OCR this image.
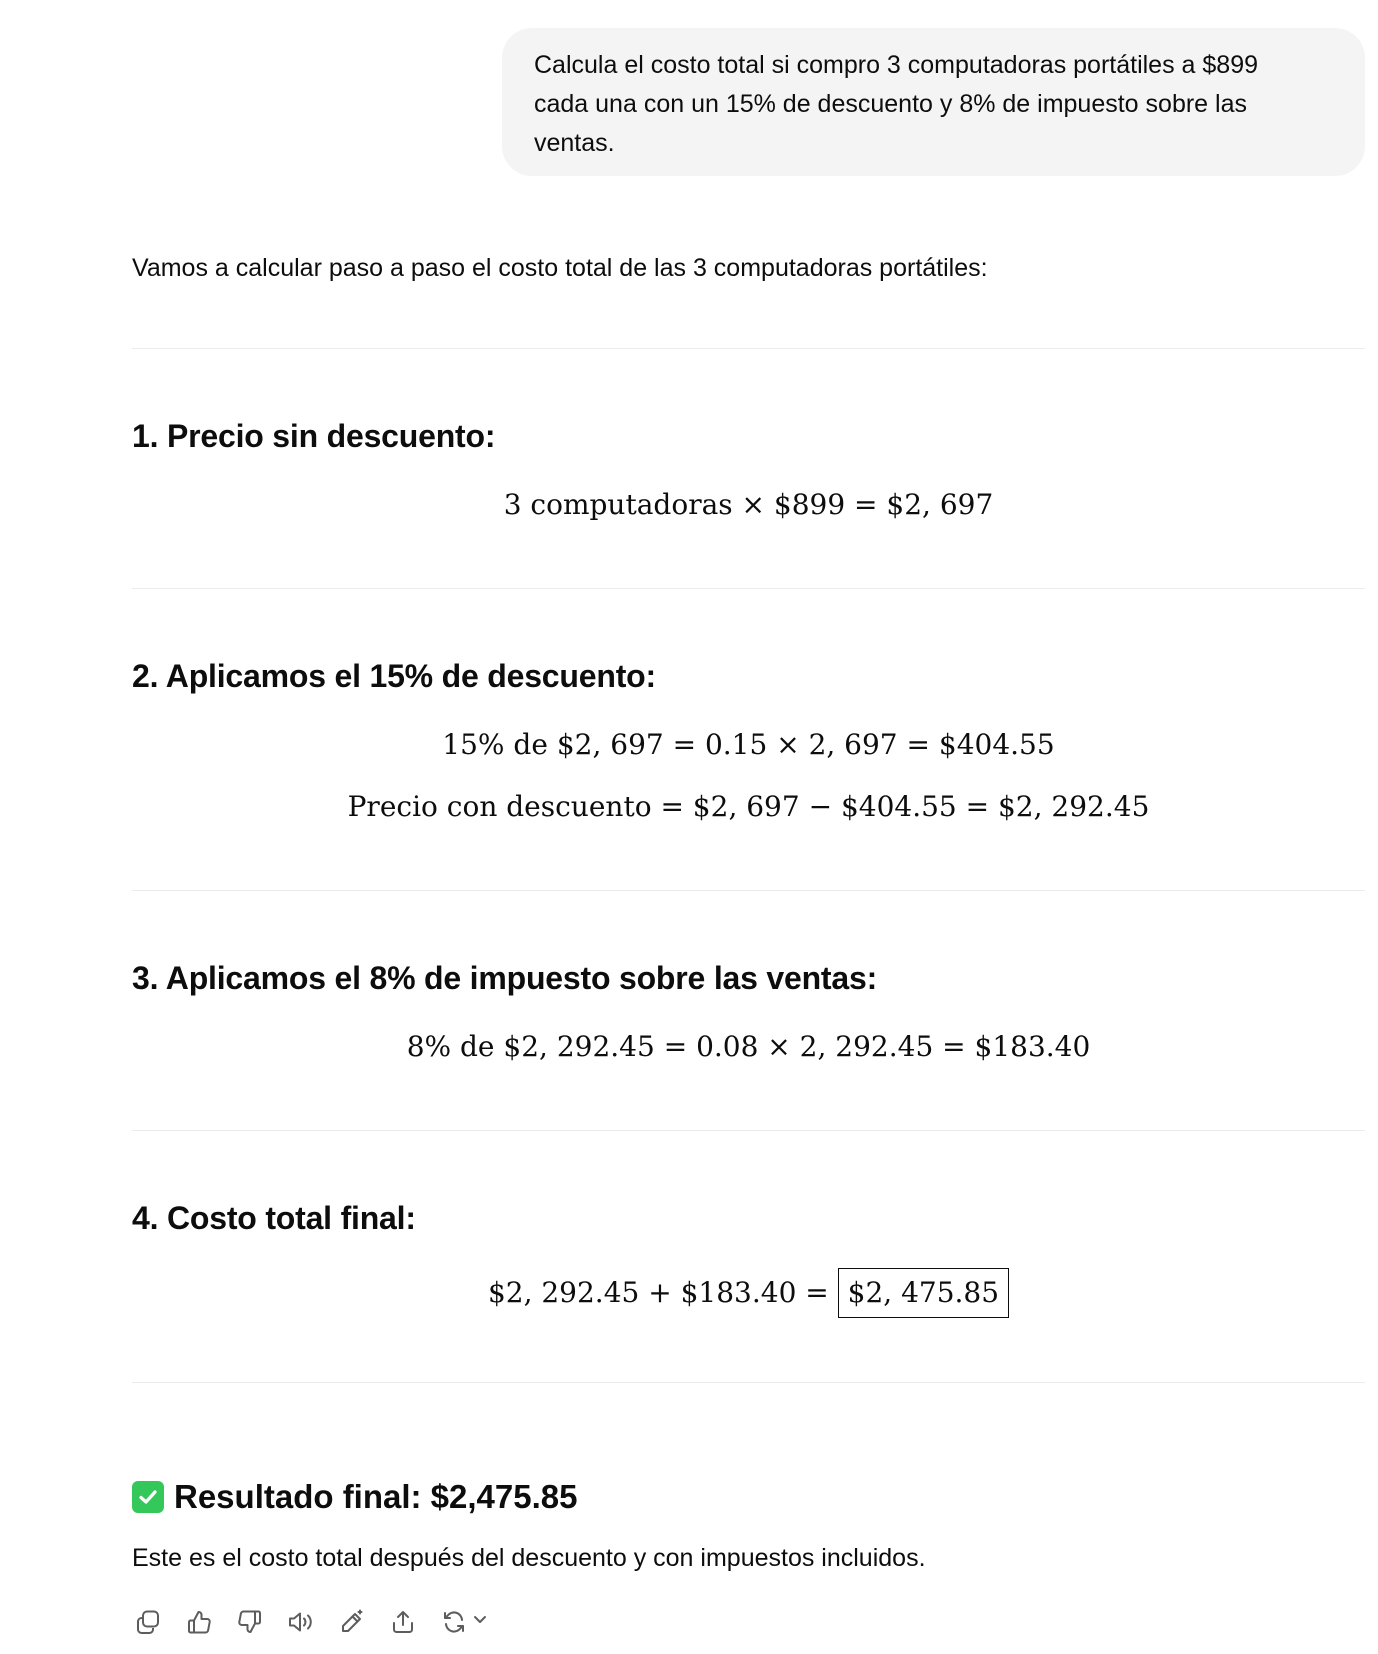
Calcula el costo total si compro 3 computadoras portátiles a $899
cada una con un 15% de descuento y 8% de impuesto sobre las
ventas.
Vamos a calcular paso a paso el costo total de las 3 computadoras portátiles:
1. Precio sin descuento:
3 computadoras × $899 = $2, 697
2. Aplicamos el 15% de descuento:
15% de $2, 697 = 0.15 × 2, 697 = $404.55
Precio con descuento = $2, 697 − $404.55 = $2, 292.45
3. Aplicamos el 8% de impuesto sobre las ventas:
8% de $2, 292.45 = 0.08 × 2, 292.45 = $183.40
4. Costo total final:
$2, 292.45 + $183.40 = $2, 475.85
Resultado final: $2,475.85
Este es el costo total después del descuento y con impuestos incluidos.
